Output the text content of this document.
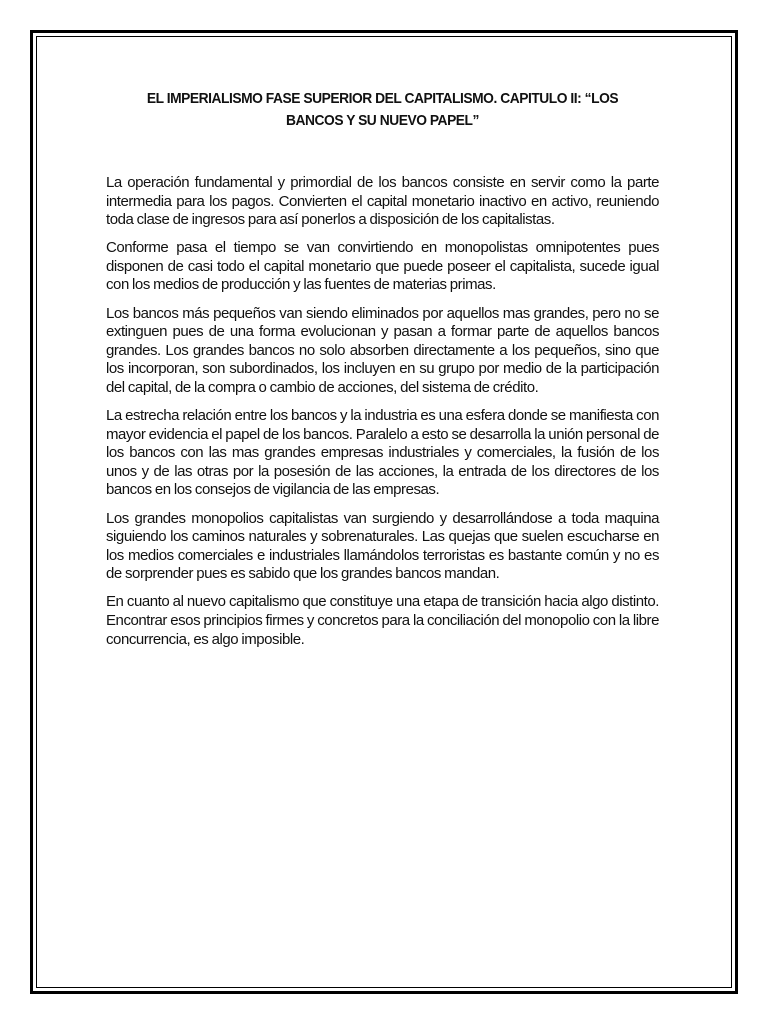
EL IMPERIALISMO FASE SUPERIOR DEL CAPITALISMO. CAPITULO II: “LOS BANCOS Y SU NUEVO PAPEL”

La operación fundamental y primordial de los bancos consiste en servir como la parte intermedia para los pagos. Convierten el capital monetario inactivo en activo, reuniendo toda clase de ingresos para así ponerlos a disposición de los capitalistas.

Conforme pasa el tiempo se van convirtiendo en monopolistas omnipotentes pues disponen de casi todo el capital monetario que puede poseer el capitalista, sucede igual con los medios de producción y las fuentes de materias primas.

Los bancos más pequeños van siendo eliminados por aquellos mas grandes, pero no se extinguen pues de una forma evolucionan y pasan a formar parte de aquellos bancos grandes. Los grandes bancos no solo absorben directamente a los pequeños, sino que los incorporan, son subordinados, los incluyen en su grupo por medio de la participación del capital, de la compra o cambio de acciones, del sistema de crédito.

La estrecha relación entre los bancos y la industria es una esfera donde se manifiesta con mayor evidencia el papel de los bancos. Paralelo a esto se desarrolla la unión personal de los bancos con las mas grandes empresas industriales y comerciales, la fusión de los unos y de las otras por la posesión de las acciones, la entrada de los directores de los bancos en los consejos de vigilancia de las empresas.

Los grandes monopolios capitalistas van surgiendo y desarrollándose a toda maquina siguiendo los caminos naturales y sobrenaturales. Las quejas que suelen escucharse en los medios comerciales e industriales llamándolos terroristas es bastante común y no es de sorprender pues es sabido que los grandes bancos mandan.

En cuanto al nuevo capitalismo que constituye una etapa de transición hacia algo distinto. Encontrar esos principios firmes y concretos para la conciliación del monopolio con la libre concurrencia, es algo imposible.
